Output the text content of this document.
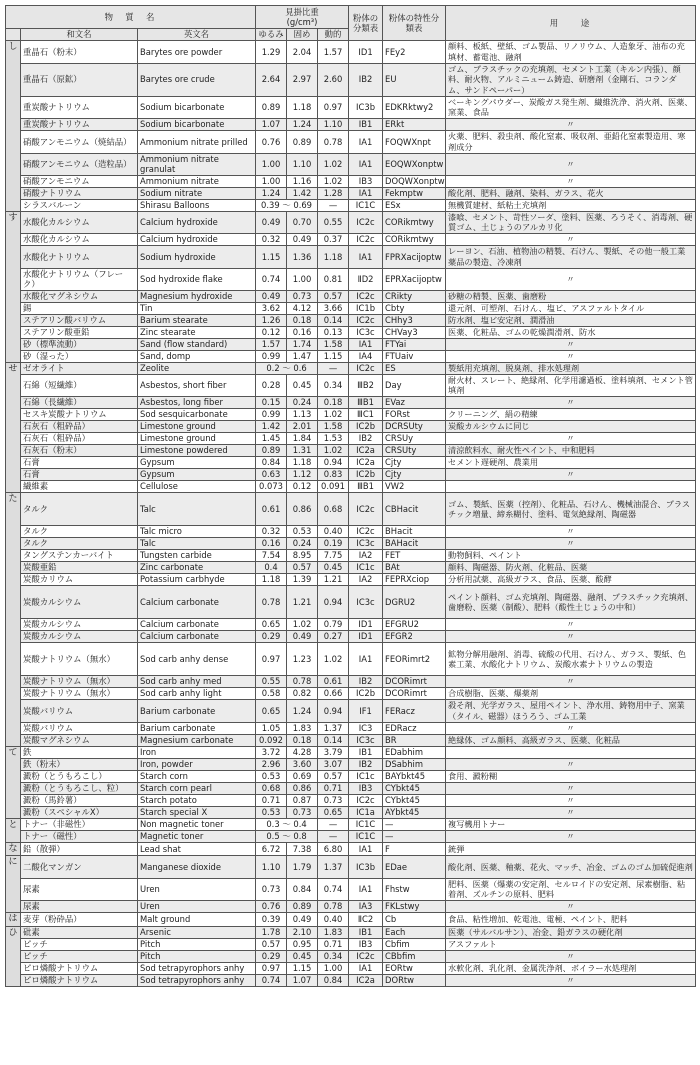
物　質　名			見掛比重
(g/cm³)			粉体の分類表	粉体の特性分類表	用　　途
	和文名	英文名	ゆるみ	固め	動的			
し	重晶石（粉末）	Barytes ore powder	1.29	2.04	1.57	ⅠD1	FEy2	顔料、板紙、壁紙、ゴム製品、リノリウム、人造象牙、油布の充填材、蓄電池、融剤
	重晶石（原鉱）	Barytes ore crude	2.64	2.97	2.60	ⅠB2	EU	ゴム、プラスチックの充填剤、セメント工業（キルン内張）、顔料、耐火物、アルミニューム鋳造、研磨剤（金剛石、コランダム、サンドペーパー）
	重炭酸ナトリウム	Sodium bicarbonate	0.89	1.18	0.97	ⅠC3b	EDKRktwy2	ベーキングパウダー、炭酸ガス発生剤、繊維洗浄、消火剤、医薬、窯業、食品
	重炭酸ナトリウム	Sodium bicarbonate	1.07	1.24	1.10	ⅠB1	ERkt	〃
	硝酸アンモニウム（焼結品）	Ammonium nitrate prilled	0.76	0.89	0.78	ⅠA1	FOQWXnpt	火薬、肥料、殺虫剤、酸化窒素、吸収剤、亜鉛化窒素製造用、寒剤成分
	硝酸アンモニウム（造粒品）	Ammonium nitrate granulat	1.00	1.10	1.02	ⅠA1	EOQWXonptw	〃
	硝酸アンモニウム	Ammonium nitrate	1.00	1.16	1.02	ⅠB3	DOQWXonptw	〃
	硝酸ナトリウム	Sodium nitrate	1.24	1.42	1.28	ⅠA1	Fekmptw	酸化剤、肥料、融剤、染料、ガラス、花火
	シラスバルーン	Shirasu Balloons	0.39 〜 0.69		—	ⅠC1C	ESx	無機質建材、紙粘土充填剤
す	水酸化カルシウム	Calcium hydroxide	0.49	0.70	0.55	ⅠC2c	CORikmtwy	漆喰、セメント、苛性ソーダ、塗料、医薬、ろうそく、消毒剤、硬質ゴム、土じょうのアルカリ化
	水酸化カルシウム	Calcium hydroxide	0.32	0.49	0.37	ⅠC2c	CORikmtwy	〃
	水酸化ナトリウム	Sodium hydroxide	1.15	1.36	1.18	ⅠA1	FPRXacijoptw	レーヨン、石油、植物油の精製、石けん、製紙、その他一般工業薬品の製造、冷凍剤
	水酸化ナトリウム（フレーク）	Sod hydroxide flake	0.74	1.00	0.81	ⅡD2	EPRXacijoptw	〃
	水酸化マグネシウム	Magnesium hydroxide	0.49	0.73	0.57	ⅠC2c	CRikty	砂糖の精製、医薬、歯磨粉
	錫	Tin	3.62	4.12	3.66	ⅠC1b	Cbty	還元剤、可塑剤、石けん、塩ビ、アスファルトタイル
	ステアリン酸バリウム	Barium stearate	1.26	0.18	0.14	ⅠC2c	CHhy3	防水剤、塩ビ安定剤、潤滑油
	ステアリン酸亜鉛	Zinc stearate	0.12	0.16	0.13	ⅠC3c	CHVay3	医薬、化粧品、ゴムの乾燥潤滑剤、防水
	砂（標準流動）	Sand (flow standard)	1.57	1.74	1.58	ⅠA1	FTYai	〃
	砂（湿った）	Sand, domp	0.99	1.47	1.15	ⅠA4	FTUaiv	〃
せ	ゼオライト	Zeolite	0.2 〜 0.6		—	ⅠC2c	ES	製紙用充填剤、脱臭剤、排水処理剤
	石綿（短繊維）	Asbestos, short fiber	0.28	0.45	0.34	ⅢB2	Day	耐火材、スレート、絶縁剤、化学用濾過板、塗料填剤、セメント管填剤
	石綿（長繊維）	Asbestos, long fiber	0.15	0.24	0.18	ⅢB1	EVaz	〃
	セスキ炭酸ナトリウム	Sod sesquicarbonate	0.99	1.13	1.02	ⅢC1	FORst	クリーニング、絹の精練
	石灰石（粗砕品）	Limestone ground	1.42	2.01	1.58	ⅠC2b	DCRSUty	炭酸カルシウムに同じ
	石灰石（粗砕品）	Limestone ground	1.45	1.84	1.53	ⅠB2	CRSUy	〃
	石灰石（粉末）	Limestone powdered	0.89	1.31	1.02	ⅠC2a	CRSUty	清涼飲料水、耐火性ペイント、中和肥料
	石膏	Gypsum	0.84	1.18	0.94	ⅠC2a	Cjty	セメント遅硬剤、農業用
	石膏	Gypsum	0.63	1.12	0.83	ⅠC2b	Cjty	〃
	繊維素	Cellulose	0.073	0.12	0.091	ⅢB1	VW2	
た	タルク	Talc	0.61	0.86	0.68	ⅠC2c	CBHacit	ゴム、製紙、医薬（控剤）、化粧品、石けん、機械油混合、プラスチック増量、締糸糊付、塗料、電気絶縁剤、陶磁器
	タルク	Talc micro	0.32	0.53	0.40	ⅠC2c	BHacit	〃
	タルク	Talc	0.16	0.24	0.19	ⅠC3c	BAHacit	〃
	タングステンカーバイト	Tungsten carbide	7.54	8.95	7.75	ⅠA2	FET	動物飼料、ペイント
	炭酸亜鉛	Zinc carbonate	0.4	0.57	0.45	ⅠC1c	BAt	顔料、陶磁器、防火剤、化粧品、医薬
	炭酸カリウム	Potassium carbhyde	1.18	1.39	1.21	ⅠA2	FEPRXciop	分析用試薬、高級ガラス、食品、医薬、酸酵
	炭酸カルシウム	Calcium carbonate	0.78	1.21	0.94	ⅠC3c	DGRU2	ペイント顔料、ゴム充填剤、陶磁器、融剤、プラスチック充填剤、歯磨粉、医薬（制酸）、肥料（酸性土じょうの中和）
	炭酸カルシウム	Calcium carbonate	0.65	1.02	0.79	ⅠD1	EFGRU2	〃
	炭酸カルシウム	Calcium carbonate	0.29	0.49	0.27	ⅠD1	EFGR2	〃
	炭酸ナトリウム（無水）	Sod carb anhy dense	0.97	1.23	1.02	ⅠA1	FEORimrt2	鉱物分解用融剤、消毒、硫酸の代用、石けん、ガラス、製紙、色素工業、水酸化ナトリウム、炭酸水素ナトリウムの製造
	炭酸ナトリウム（無水）	Sod carb anhy med	0.55	0.78	0.61	ⅠB2	DCORimrt	〃
	炭酸ナトリウム（無水）	Sod carb anhy light	0.58	0.82	0.66	ⅠC2b	DCORimrt	合成樹脂、医薬、爆薬剤
	炭酸バリウム	Barium carbonate	0.65	1.24	0.94	ⅠF1	FERacz	殺そ剤、光学ガラス、屋用ペイント、浄水用、鋳物用中子、窯業（タイル、磁器）ほうろう、ゴム工業
	炭酸バリウム	Barium carbonate	1.05	1.83	1.37	ⅠC3	EDRacz	〃
	炭酸マグネシウム	Magnesium carbonate	0.092	0.18	0.14	ⅠC3c	BR	絶縁体、ゴム顔料、高級ガラス、医薬、化粧品
て	鉄	Iron	3.72	4.28	3.79	ⅠB1	EDabhim	
	鉄（粉末）	Iron, powder	2.96	3.60	3.07	ⅠB2	DSabhim	〃
	澱粉（とうもろこし）	Starch corn	0.53	0.69	0.57	ⅠC1c	BAYbkt45	食用、澱粉糊
	澱粉（とうもろこし、粒）	Starch corn pearl	0.68	0.86	0.71	ⅠB3	CYbkt45	〃
	澱粉（馬鈴薯）	Starch potato	0.71	0.87	0.73	ⅠC2c	CYbkt45	〃
	澱粉（スペシャルX）	Starch special X	0.53	0.73	0.65	ⅠC1a	AYbkt45	〃
と	トナー（非磁性）	Non magnetic toner	0.3 〜 0.4		—	ⅠC1C	—	複写機用トナー
	トナー（磁性）	Magnetic toner	0.5 〜 0.8		—	ⅠC1C	—	〃
な	鉛（散弾）	Lead shat	6.72	7.38	6.80	ⅠA1	F	銃弾
に	二酸化マンガン	Manganese dioxide	1.10	1.79	1.37	ⅠC3b	EDae	酸化剤、医薬、釉薬、花火、マッチ、冶金、ゴムのゴム加硫促進剤
	尿素	Uren	0.73	0.84	0.74	ⅠA1	Fhstw	肥料、医薬（爆薬の安定剤、セルロイドの安定剤、尿素樹脂、粘着剤、ズルチンの原料、肥料
	尿素	Uren	0.76	0.89	0.78	ⅠA3	FKLstwy	〃
は	麦芽（粉砕品）	Malt ground	0.39	0.49	0.40	ⅡC2	Cb	食品、粘性増加、乾電池、電極、ペイント、肥料
ひ	砒素	Arsenic	1.78	2.10	1.83	ⅠB1	Each	医薬（サルバルサン）、冶金、鉛ガラスの硬化剤
	ピッチ	Pitch	0.57	0.95	0.71	ⅠB3	Cbfim	アスファルト
	ピッチ	Pitch	0.29	0.45	0.34	ⅠC2c	CBbfim	〃
	ピロ燐酸ナトリウム	Sod tetrapyrophors anhy	0.97	1.15	1.00	ⅠA1	EORtw	水軟化剤、乳化剤、金属洗浄剤、ボイラー水処理剤
	ピロ燐酸ナトリウム	Sod tetrapyrophors anhy	0.74	1.07	0.84	ⅠC2a	DORtw	〃
